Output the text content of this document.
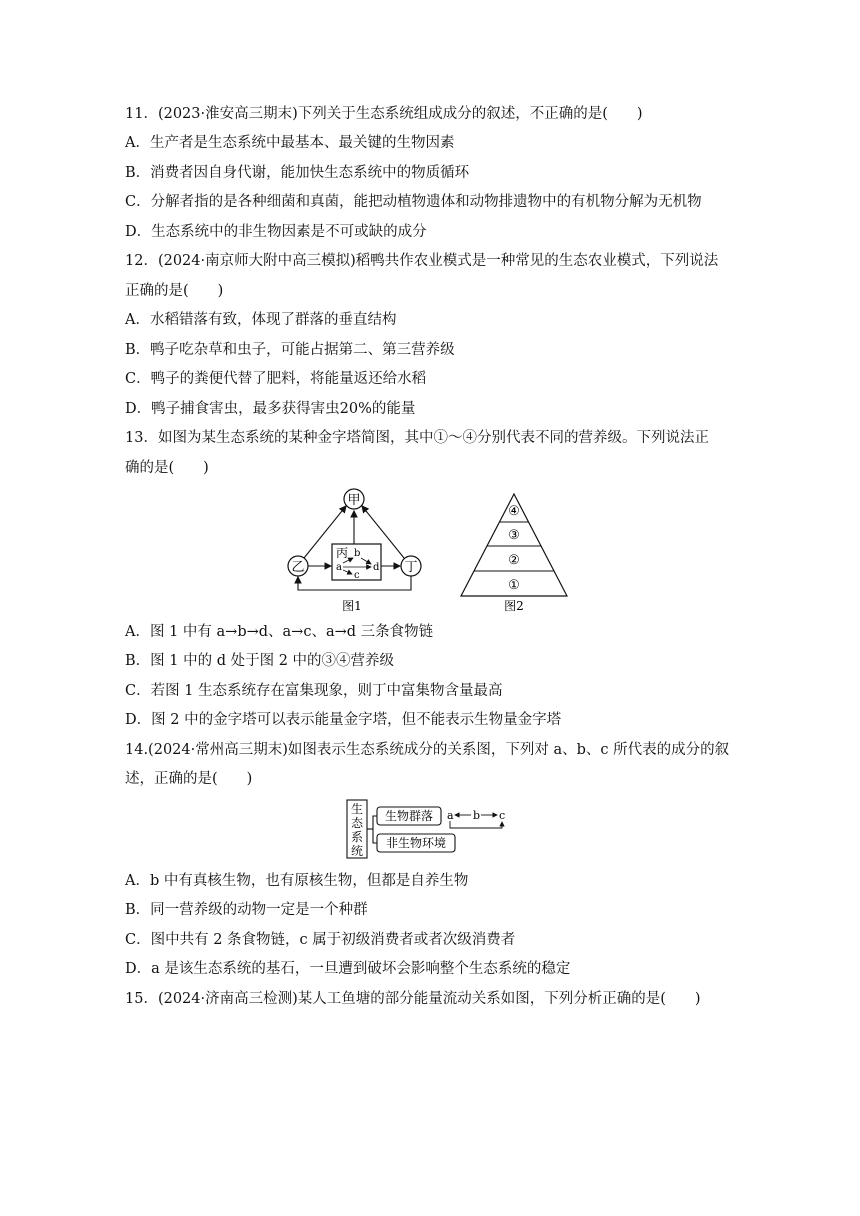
11．(2023·淮安高三期末)下列关于生态系统组成成分的叙述，不正确的是(　　)
A．生产者是生态系统中最基本、最关键的生物因素
B．消费者因自身代谢，能加快生态系统中的物质循环
C．分解者指的是各种细菌和真菌，能把动植物遗体和动物排遗物中的有机物分解为无机物
D．生态系统中的非生物因素是不可或缺的成分
12．(2024·南京师大附中高三模拟)稻鸭共作农业模式是一种常见的生态农业模式，下列说法
正确的是(　　)
A．水稻错落有致，体现了群落的垂直结构
B．鸭子吃杂草和虫子，可能占据第二、第三营养级
C．鸭子的粪便代替了肥料，将能量返还给水稻
D．鸭子捕食害虫，最多获得害虫20%的能量
13．如图为某生态系统的某种金字塔简图，其中①～④分别代表不同的营养级。下列说法正
确的是(　　)
甲
乙	丁
丙 b
a	d
c
图1
④
③
②
①
图2
A．图 1 中有 a→b→d、a→c、a→d 三条食物链
B．图 1 中的 d 处于图 2 中的③④营养级
C．若图 1 生态系统存在富集现象，则丁中富集物含量最高
D．图 2 中的金字塔可以表示能量金字塔，但不能表示生物量金字塔
14.(2024·常州高三期末)如图表示生态系统成分的关系图，下列对 a、b、c 所代表的成分的叙
述，正确的是(　　)
生
态
系
统
生物群落
非生物环境
a b c
A．b 中有真核生物，也有原核生物，但都是自养生物
B．同一营养级的动物一定是一个种群
C．图中共有 2 条食物链，c 属于初级消费者或者次级消费者
D．a 是该生态系统的基石，一旦遭到破坏会影响整个生态系统的稳定
15．(2024·济南高三检测)某人工鱼塘的部分能量流动关系如图，下列分析正确的是(　　)
